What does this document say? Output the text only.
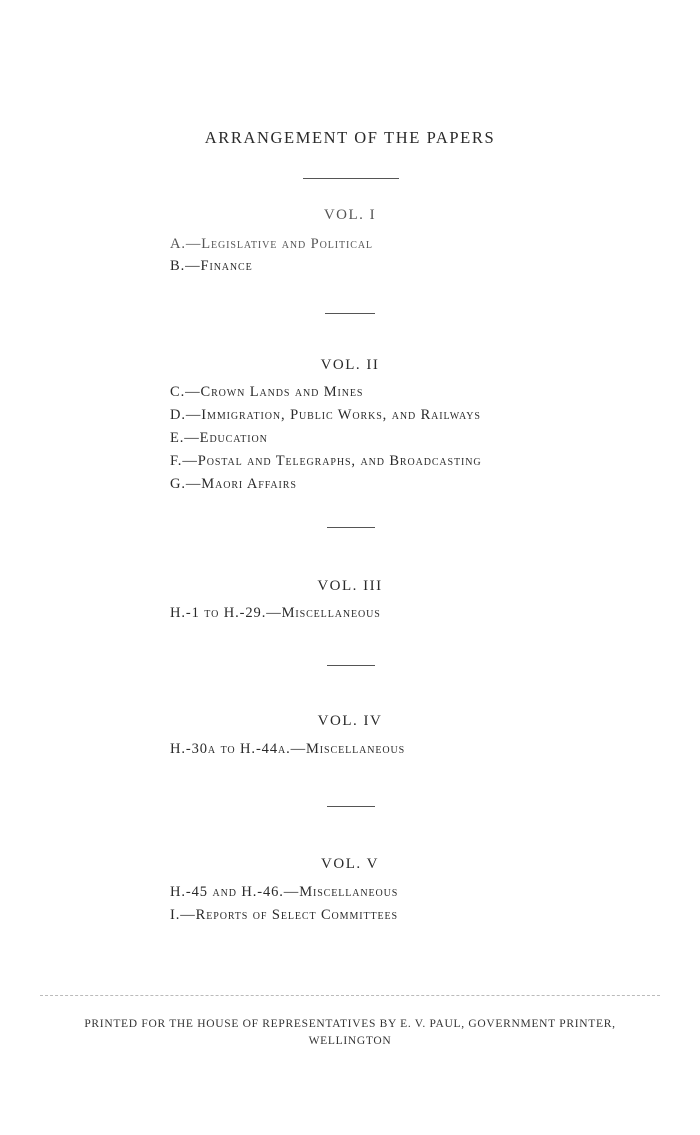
ARRANGEMENT OF THE PAPERS
VOL. I
A.—Legislative and Political
B.—Finance
VOL. II
C.—Crown Lands and Mines
D.—Immigration, Public Works, and Railways
E.—Education
F.—Postal and Telegraphs, and Broadcasting
G.—Maori Affairs
VOL. III
H.-1 to H.-29.—Miscellaneous
VOL. IV
H.-30a to H.-44a.—Miscellaneous
VOL. V
H.-45 and H.-46.—Miscellaneous
I.—Reports of Select Committees
PRINTED FOR THE HOUSE OF REPRESENTATIVES BY E. V. PAUL, GOVERNMENT PRINTER,
WELLINGTON
